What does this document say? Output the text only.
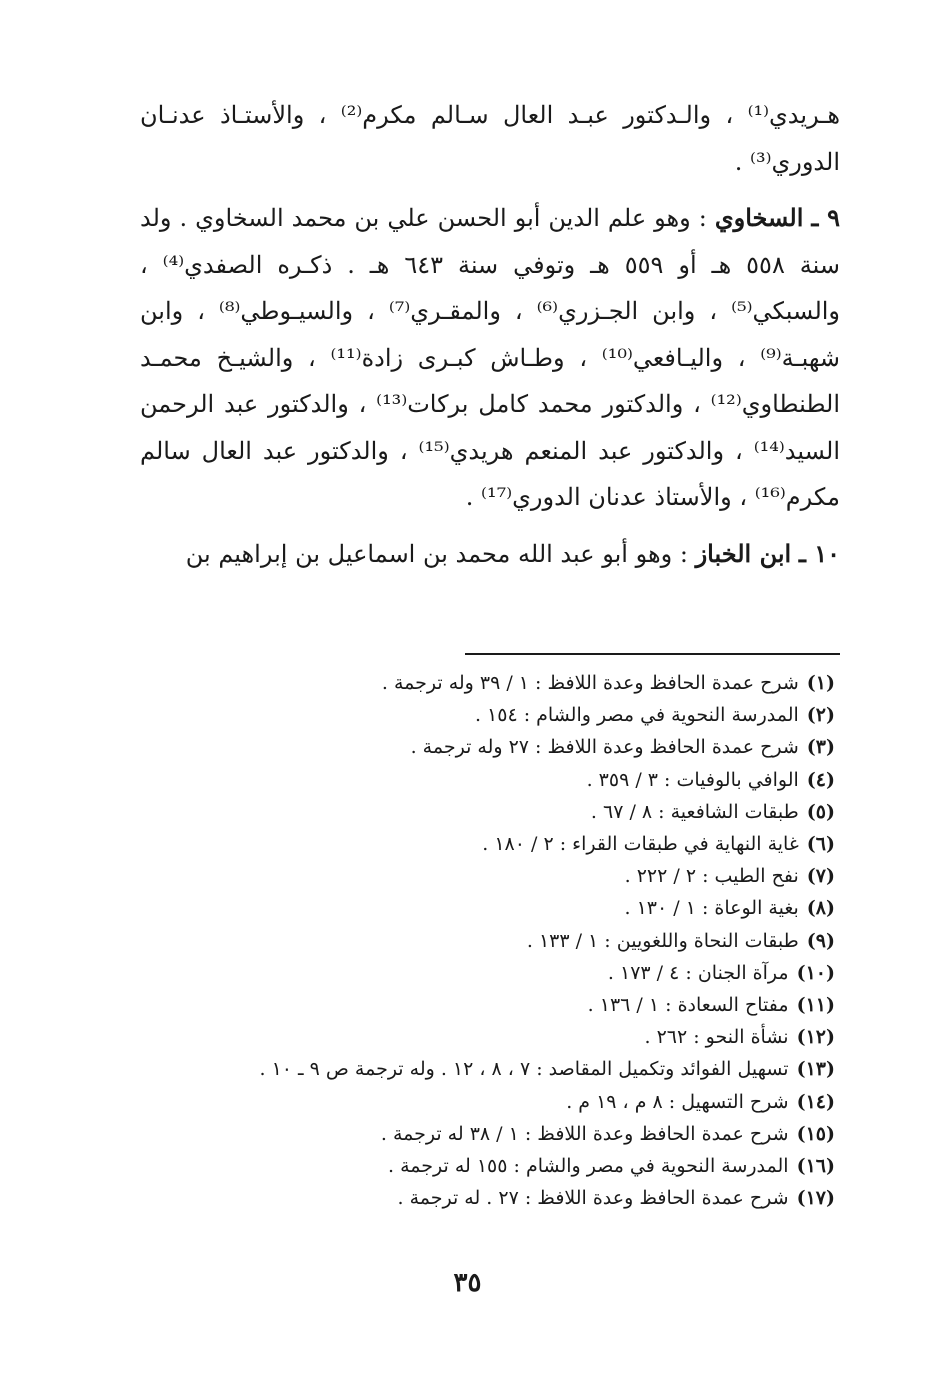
هـريدي⁽¹⁾ ، والـدكتور عبـد العال سـالم مكرم⁽²⁾ ، والأستـاذ عدنـان الدوري⁽³⁾ .

٩ ـ السخاوي : وهو علم الدين أبو الحسن علي بن محمد السخاوي . ولد سنة ٥٥٨ هـ أو ٥٥٩ هـ وتوفي سنة ٦٤٣ هـ . ذكـره الصفدي⁽⁴⁾ ، والسبكي⁽⁵⁾ ، وابن الجـزري⁽⁶⁾ ، والمقـري⁽⁷⁾ ، والسيـوطي⁽⁸⁾ ، وابن شهبـة⁽⁹⁾ ، واليـافعي⁽¹⁰⁾ ، وطـاش كبـرى زادة⁽¹¹⁾ ، والشيـخ محمـد الطنطاوي⁽¹²⁾ ، والدكتور محمد كامل بركات⁽¹³⁾ ، والدكتور عبد الرحمن السيد⁽¹⁴⁾ ، والدكتور عبد المنعم هريدي⁽¹⁵⁾ ، والدكتور عبد العال سالم مكرم⁽¹⁶⁾ ، والأستاذ عدنان الدوري⁽¹⁷⁾ .

١٠ ـ ابن الخباز : وهو أبو عبد الله محمد بن اسماعيل بن إبراهيم بن

(١)شرح عمدة الحافظ وعدة اللافظ : ١ / ٣٩ وله ترجمة .
(٢)المدرسة النحوية في مصر والشام : ١٥٤ .
(٣)شرح عمدة الحافظ وعدة اللافظ : ٢٧ وله ترجمة .
(٤)الوافي بالوفيات : ٣ / ٣٥٩ .
(٥)طبقات الشافعية : ٨ / ٦٧ .
(٦)غاية النهاية في طبقات القراء : ٢ / ١٨٠ .
(٧)نفح الطيب : ٢ / ٢٢٢ .
(٨)بغية الوعاة : ١ / ١٣٠ .
(٩)طبقات النحاة واللغويين : ١ / ١٣٣ .
(١٠)مرآة الجنان : ٤ / ١٧٣ .
(١١)مفتاح السعادة : ١ / ١٣٦ .
(١٢)نشأة النحو : ٢٦٢ .
(١٣)تسهيل الفوائد وتكميل المقاصد : ٧ ، ٨ ، ١٢ . وله ترجمة ص ٩ ـ ١٠ .
(١٤)شرح التسهيل : ٨ م ، ١٩ م .
(١٥)شرح عمدة الحافظ وعدة اللافظ : ١ / ٣٨ له ترجمة .
(١٦)المدرسة النحوية في مصر والشام : ١٥٥ له ترجمة .
(١٧)شرح عمدة الحافظ وعدة اللافظ : ٢٧ . له ترجمة .
٣٥
